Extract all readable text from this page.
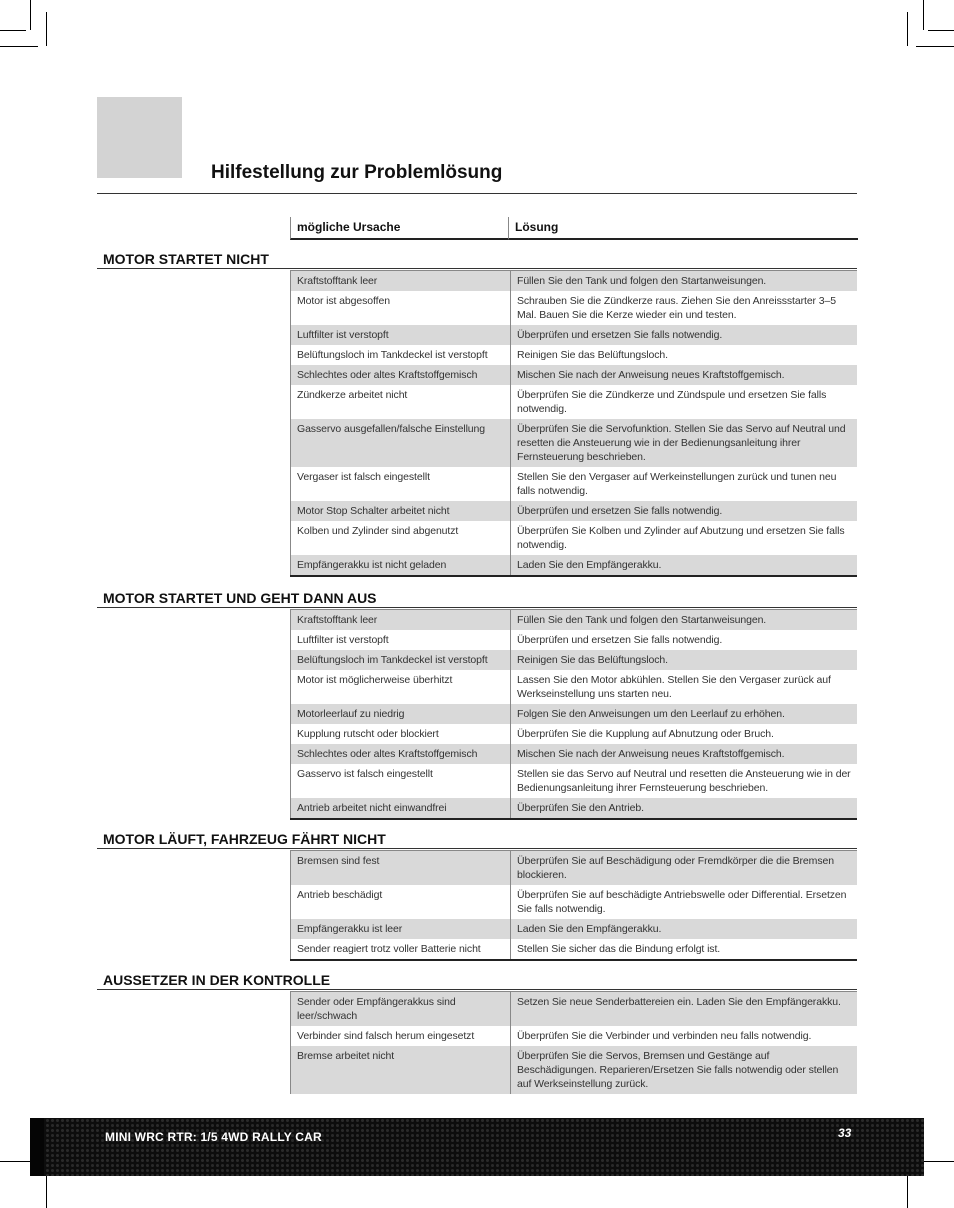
Hilfestellung zur Problemlösung
mögliche Ursache	Lösung
MOTOR STARTET NICHT
Kraftstofftank leer	Füllen Sie den Tank und folgen den Startanweisungen.
Motor ist abgesoffen	Schrauben Sie die Zündkerze raus. Ziehen Sie den Anreissstarter 3–5 Mal. Bauen Sie die Kerze wieder ein und testen.
Luftfilter ist verstopft	Überprüfen und ersetzen Sie falls notwendig.
Belüftungsloch im Tankdeckel ist verstopft	Reinigen Sie das Belüftungsloch.
Schlechtes oder altes Kraftstoffgemisch	Mischen Sie nach der Anweisung neues Kraftstoffgemisch.
Zündkerze arbeitet nicht	Überprüfen Sie die Zündkerze und Zündspule und ersetzen Sie falls notwendig.
Gasservo ausgefallen/falsche Einstellung	Überprüfen Sie die Servofunktion. Stellen Sie das Servo auf Neutral und resetten die Ansteuerung wie in der Bedienungsanleitung ihrer Fernsteuerung beschrieben.
Vergaser ist falsch eingestellt	Stellen Sie den Vergaser auf Werkeinstellungen zurück und tunen neu falls notwendig.
Motor Stop Schalter arbeitet nicht	Überprüfen und ersetzen Sie falls notwendig.
Kolben und Zylinder sind abgenutzt	Überprüfen Sie Kolben und Zylinder auf Abutzung und ersetzen Sie falls notwendig.
Empfängerakku ist nicht geladen	Laden Sie den Empfängerakku.
MOTOR STARTET UND GEHT DANN AUS
Kraftstofftank leer	Füllen Sie den Tank und folgen den Startanweisungen.
Luftfilter ist verstopft	Überprüfen und ersetzen Sie falls notwendig.
Belüftungsloch im Tankdeckel ist verstopft	Reinigen Sie das Belüftungsloch.
Motor ist möglicherweise überhitzt	Lassen Sie den Motor abkühlen. Stellen Sie den Vergaser zurück auf Werkseinstellung uns starten neu.
Motorleerlauf zu niedrig	Folgen Sie den Anweisungen um den Leerlauf zu erhöhen.
Kupplung rutscht oder blockiert	Überprüfen Sie die Kupplung auf Abnutzung oder Bruch.
Schlechtes oder altes Kraftstoffgemisch	Mischen Sie nach der Anweisung neues Kraftstoffgemisch.
Gasservo ist falsch eingestellt	Stellen sie das Servo auf Neutral und resetten die Ansteuerung wie in der Bedienungsanleitung ihrer Fernsteuerung beschrieben.
Antrieb arbeitet nicht einwandfrei	Überprüfen Sie den Antrieb.
MOTOR LÄUFT, FAHRZEUG FÄHRT NICHT
Bremsen sind fest	Überprüfen Sie auf Beschädigung oder Fremdkörper die die Bremsen blockieren.
Antrieb beschädigt	Überprüfen Sie auf beschädigte Antriebswelle oder Differential. Ersetzen Sie falls notwendig.
Empfängerakku ist leer	Laden Sie den Empfängerakku.
Sender reagiert trotz voller Batterie nicht	Stellen Sie sicher das die Bindung erfolgt ist.
AUSSETZER IN DER KONTROLLE
Sender oder Empfängerakkus sind leer/schwach	Setzen Sie neue Senderbattereien ein. Laden Sie den Empfängerakku.
Verbinder sind falsch herum eingesetzt	Überprüfen Sie die Verbinder und verbinden neu falls notwendig.
Bremse arbeitet nicht	Überprüfen Sie die Servos, Bremsen und Gestänge auf Beschädigungen. Reparieren/Ersetzen Sie falls notwendig oder stellen auf Werkseinstellung zurück.
MINI WRC RTR: 1/5 4WD RALLY CAR	33
